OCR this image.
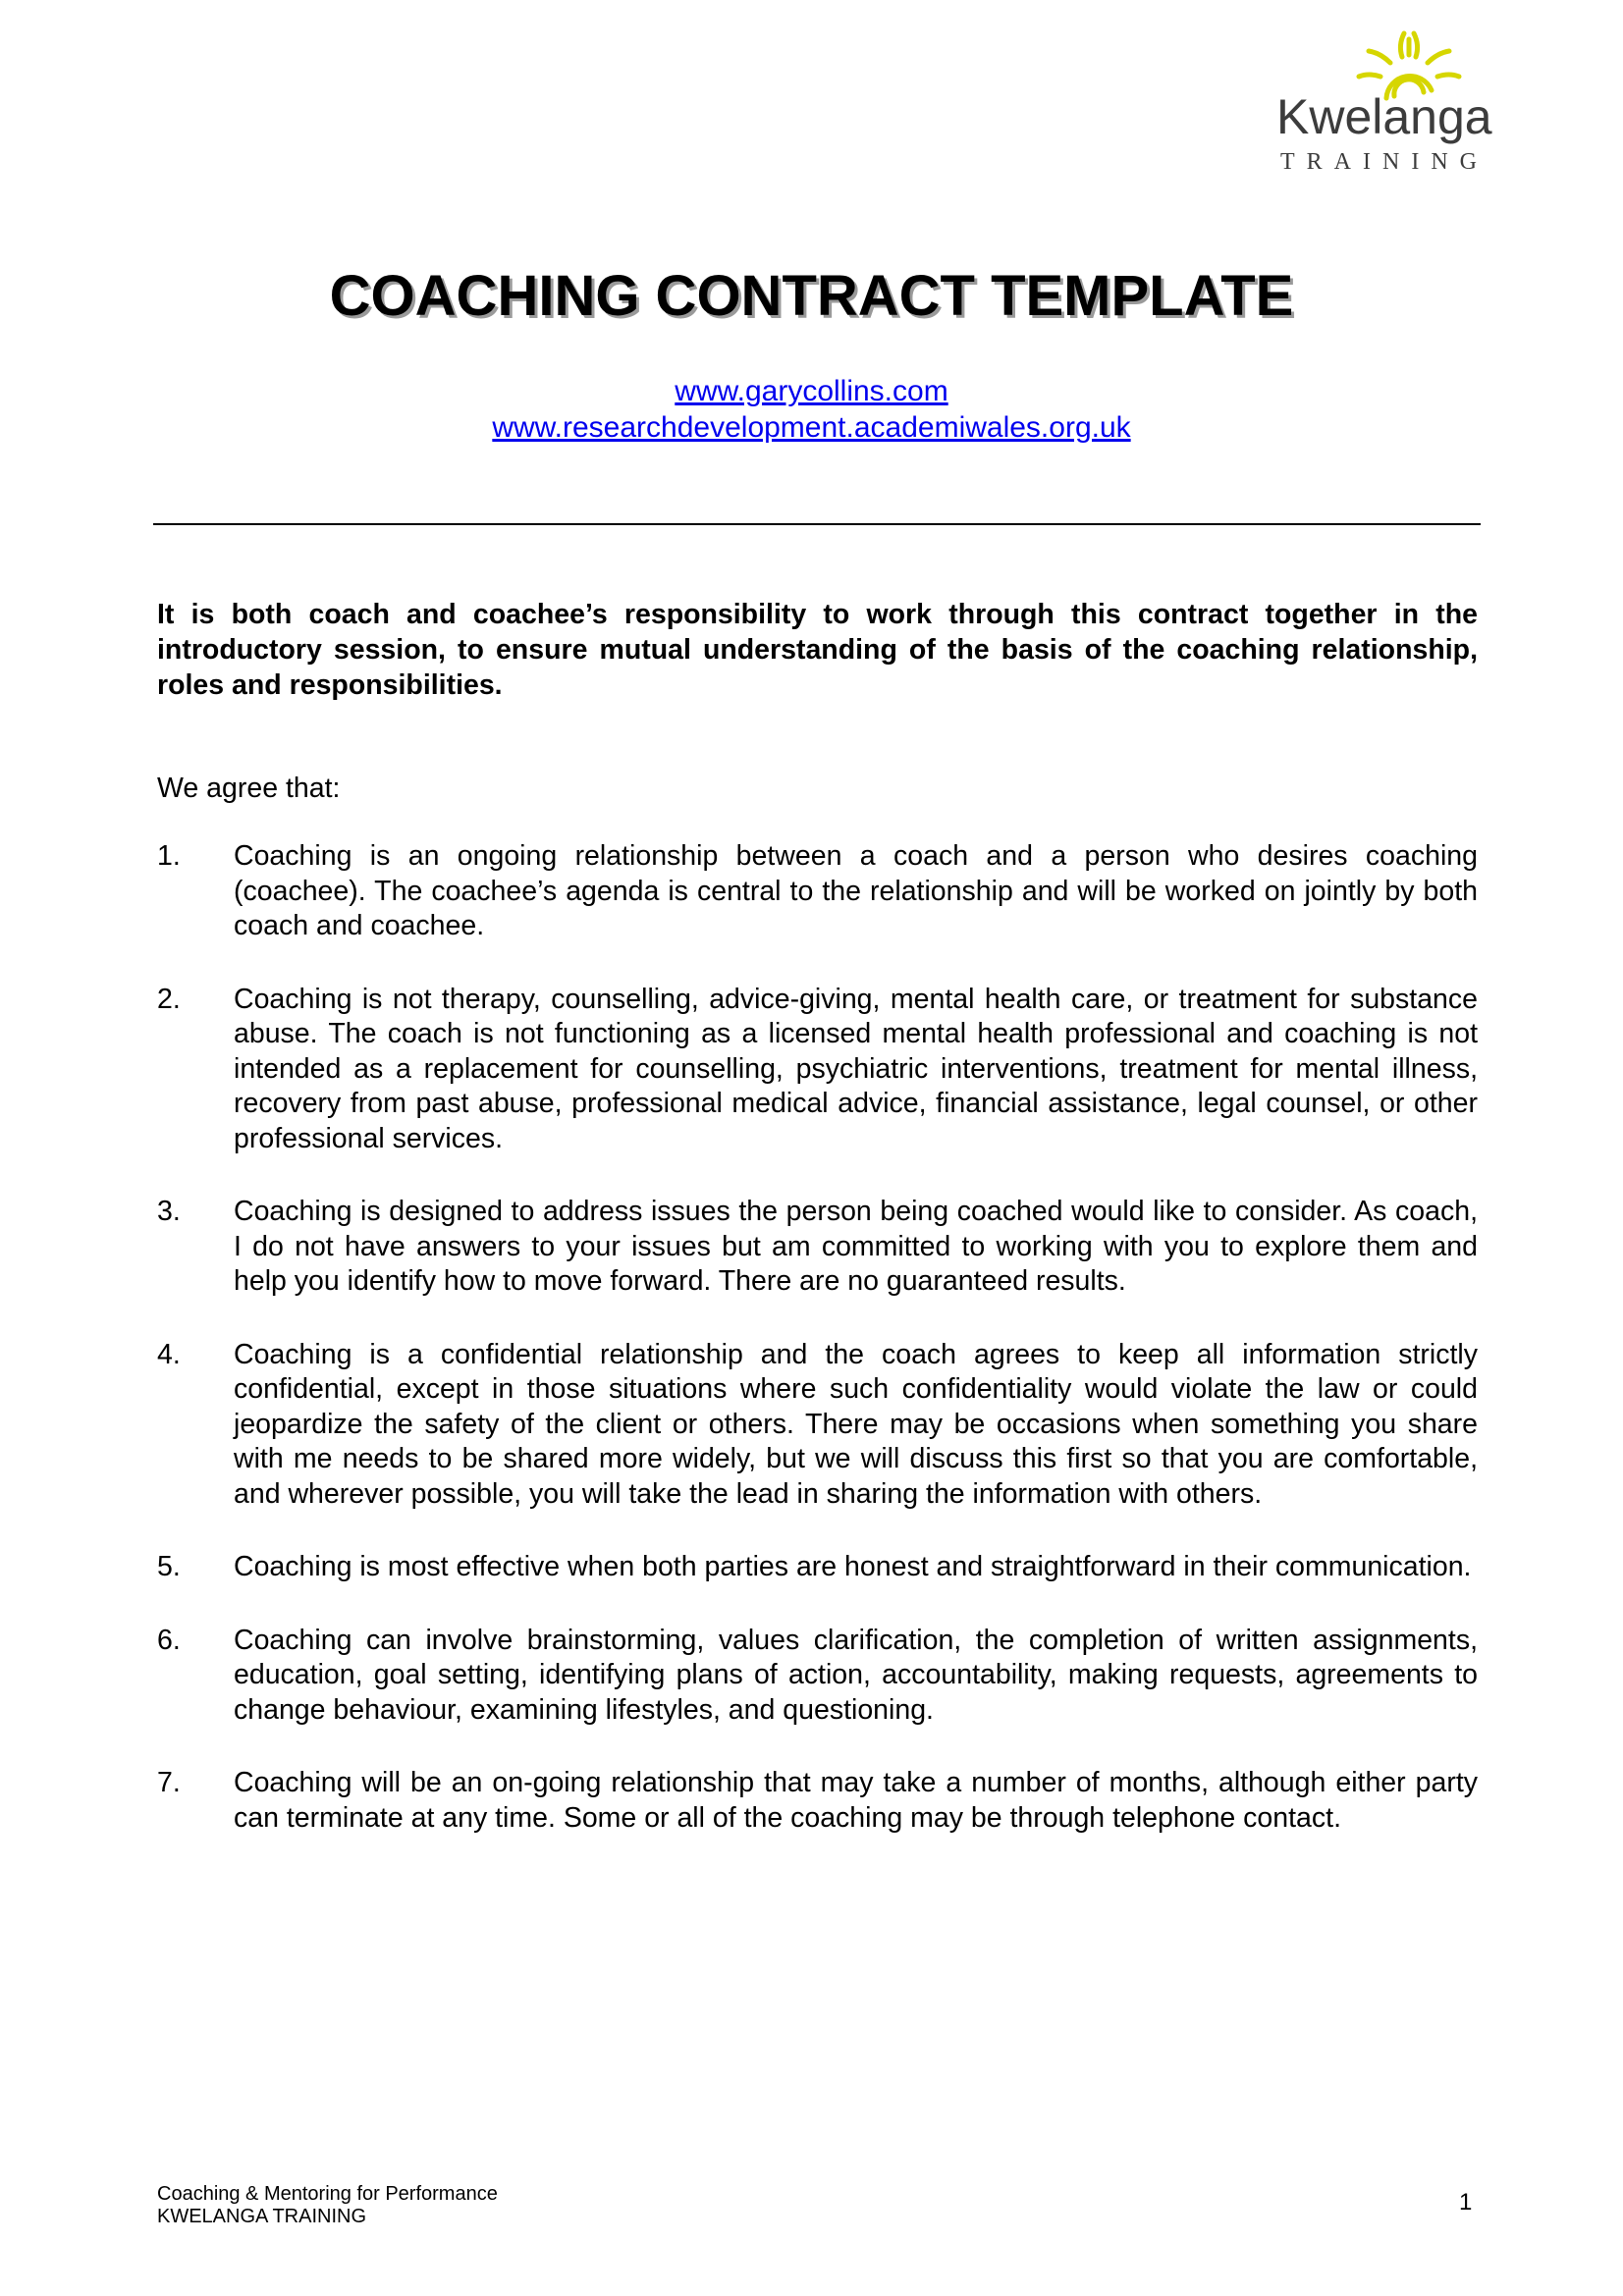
Kwelanga
TRAINING
COACHING CONTRACT TEMPLATE
www.garycollins.com
www.researchdevelopment.academiwales.org.uk
It is both coach and coachee’s responsibility to work through this contract together in the introductory session, to ensure mutual understanding of the basis of the coaching relationship, roles and responsibilities.
We agree that:
1. Coaching is an ongoing relationship between a coach and a person who desires coaching (coachee). The coachee’s agenda is central to the relationship and will be worked on jointly by both coach and coachee.
2. Coaching is not therapy, counselling, advice-giving, mental health care, or treatment for substance abuse. The coach is not functioning as a licensed mental health professional and coaching is not intended as a replacement for counselling, psychiatric interventions, treatment for mental illness, recovery from past abuse, professional medical advice, financial assistance, legal counsel, or other professional services.
3. Coaching is designed to address issues the person being coached would like to consider. As coach, I do not have answers to your issues but am committed to working with you to explore them and help you identify how to move forward. There are no guaranteed results.
4. Coaching is a confidential relationship and the coach agrees to keep all information strictly confidential, except in those situations where such confidentiality would violate the law or could jeopardize the safety of the client or others. There may be occasions when something you share with me needs to be shared more widely, but we will discuss this first so that you are comfortable, and wherever possible, you will take the lead in sharing the information with others.
5. Coaching is most effective when both parties are honest and straightforward in their communication.
6. Coaching can involve brainstorming, values clarification, the completion of written assignments, education, goal setting, identifying plans of action, accountability, making requests, agreements to change behaviour, examining lifestyles, and questioning.
7. Coaching will be an on-going relationship that may take a number of months, although either party can terminate at any time. Some or all of the coaching may be through telephone contact.
Coaching & Mentoring for Performance
KWELANGA TRAINING
1
